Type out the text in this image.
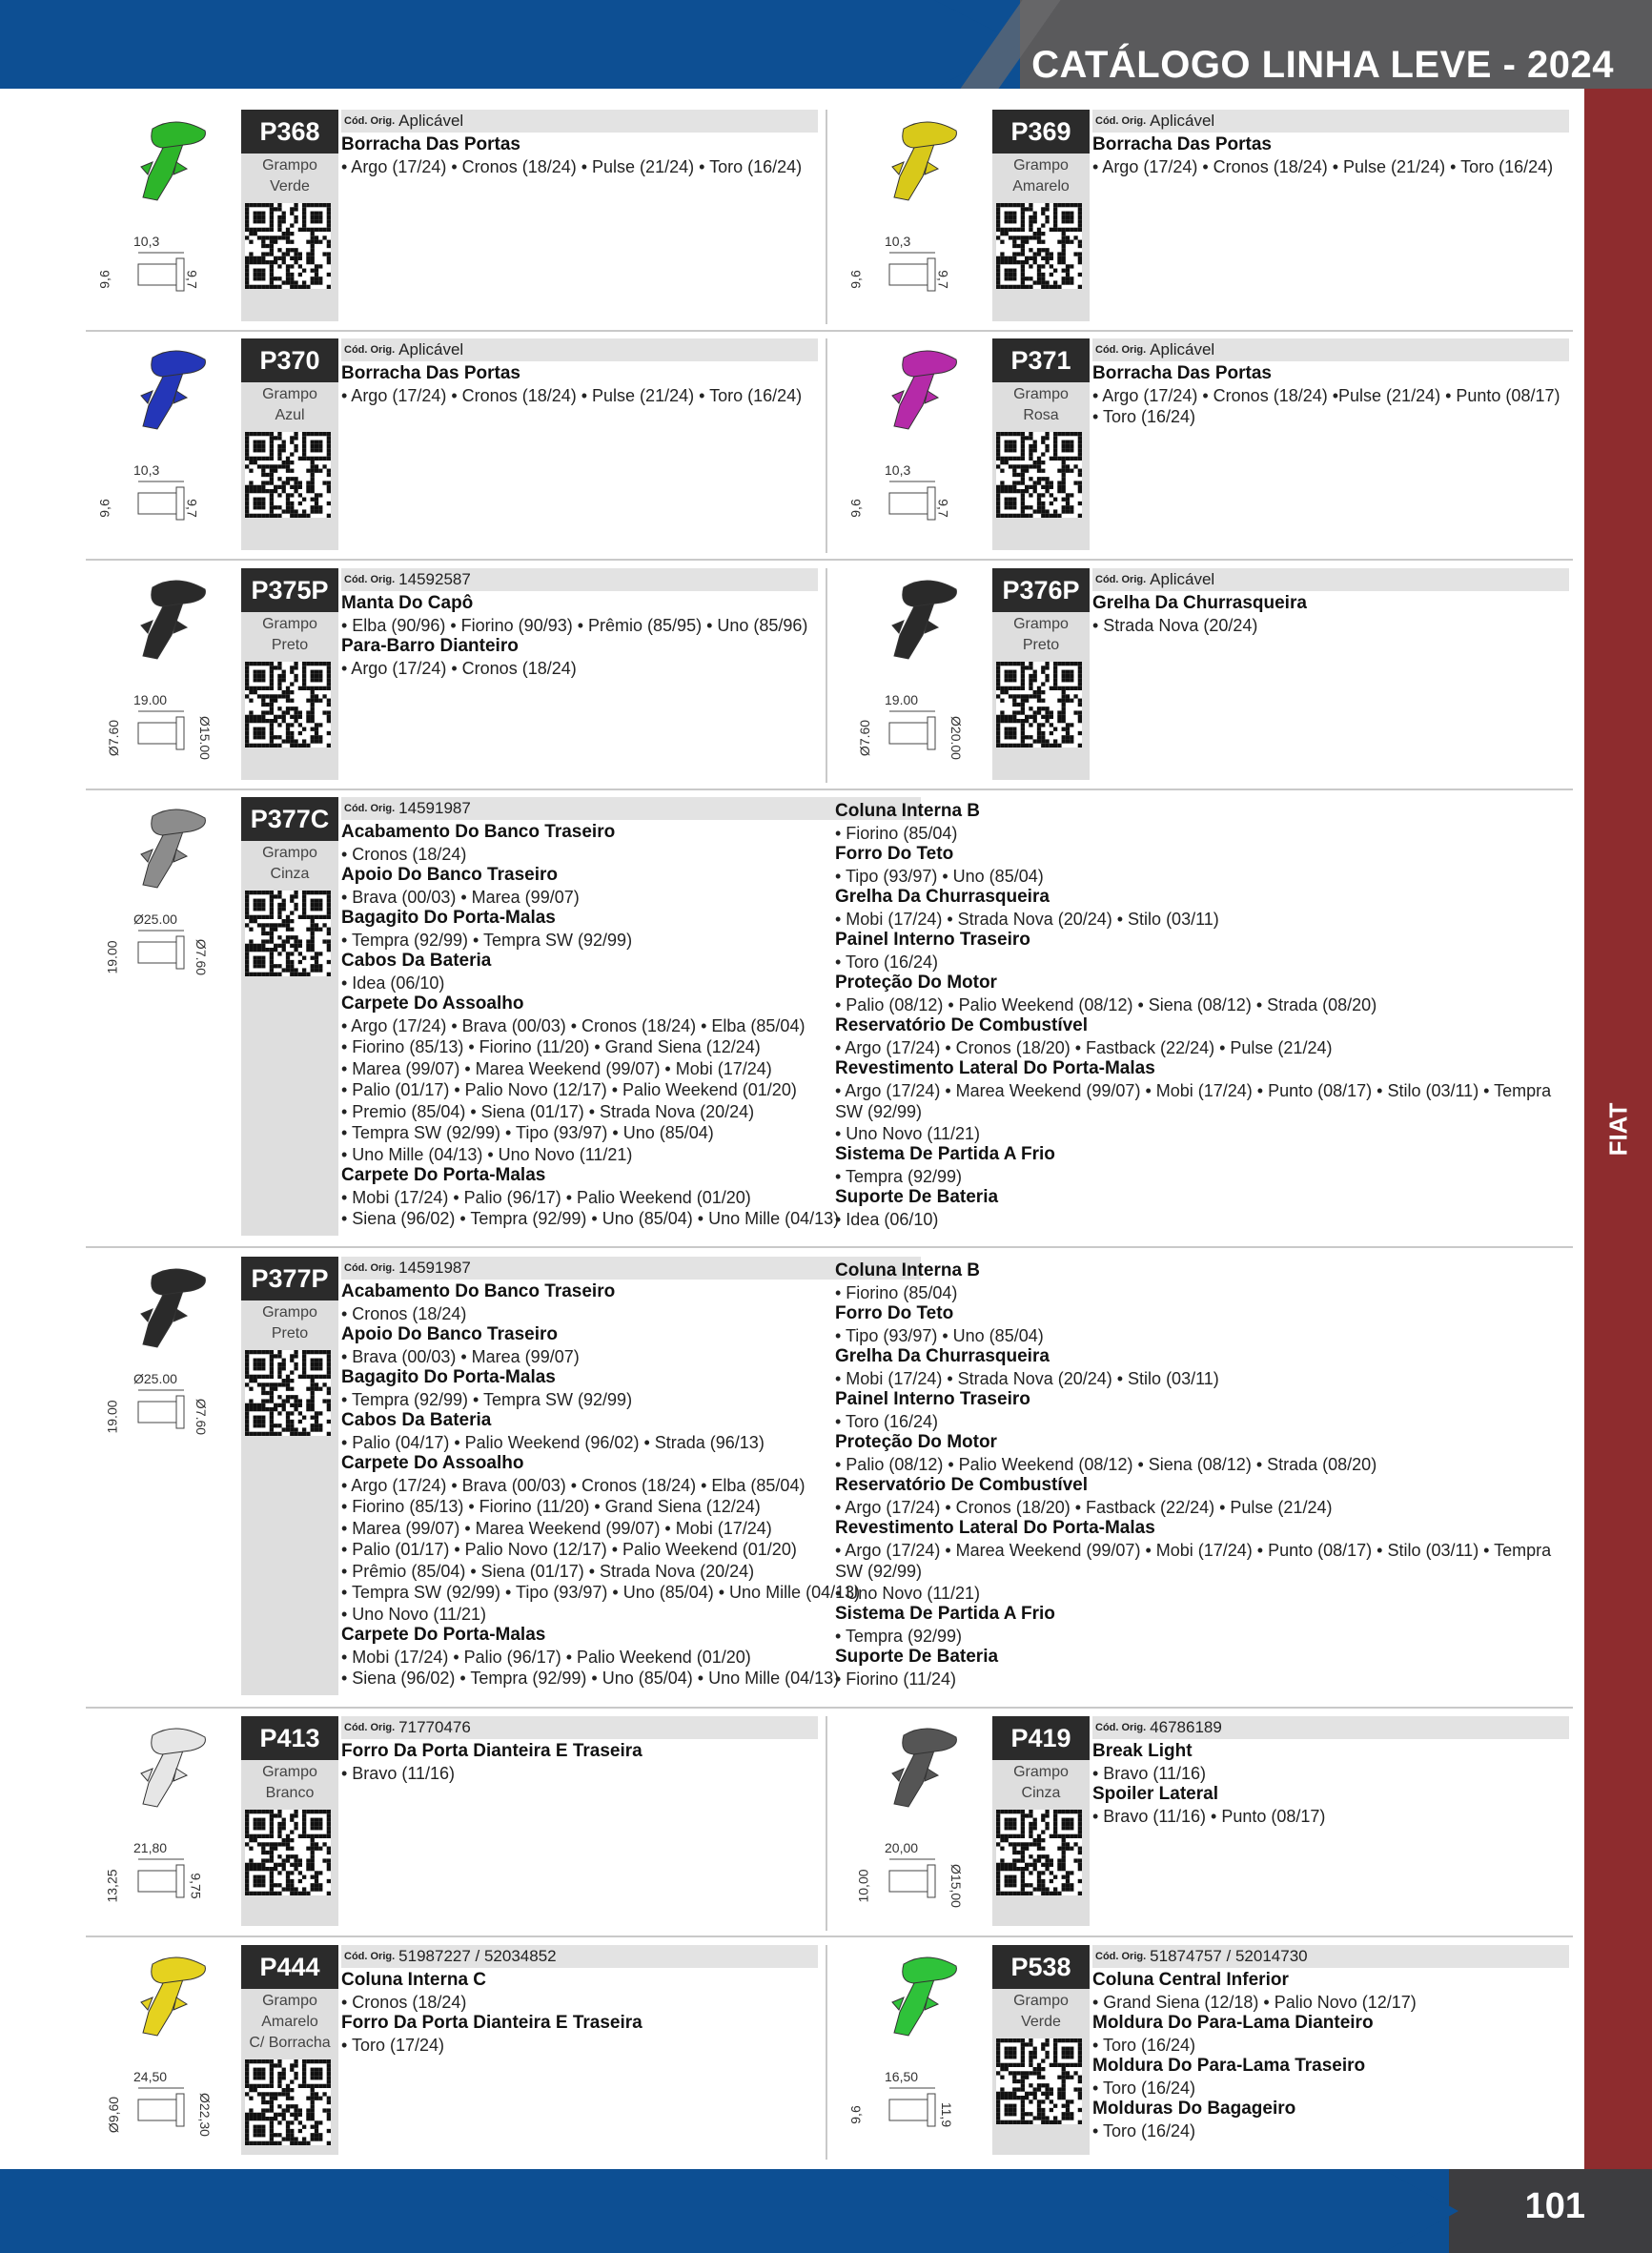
CATÁLOGO LINHA LEVE - 2024
FIAT
101
10,3
9,6	9,7
P368
Grampo
Verde
$^{Cód. Orig.}$ Aplicável
Borracha Das Portas
• Argo (17/24) • Cronos (18/24) • Pulse (21/24) • Toro (16/24)
10,3
9,6	9,7
P369
Grampo
Amarelo
$^{Cód. Orig.}$ Aplicável
Borracha Das Portas
• Argo (17/24) • Cronos (18/24) • Pulse (21/24) • Toro (16/24)
10,3
9,6	9,7
P370
Grampo
Azul
$^{Cód. Orig.}$ Aplicável
Borracha Das Portas
• Argo (17/24) • Cronos (18/24) • Pulse (21/24) • Toro (16/24)
10,3
9,6	9,7
P371
Grampo
Rosa
$^{Cód. Orig.}$ Aplicável
Borracha Das Portas
• Argo (17/24) • Cronos (18/24) •Pulse (21/24) • Punto (08/17)
• Toro (16/24)
19.00
Ø7.60	Ø15.00
P375P
Grampo
Preto
$^{Cód. Orig.}$ 14592587
Manta Do Capô
• Elba (90/96) • Fiorino (90/93) • Prêmio (85/95) • Uno (85/96)
Para-Barro Dianteiro
• Argo (17/24) • Cronos (18/24)
19.00
Ø7.60	Ø20.00
P376P
Grampo
Preto
$^{Cód. Orig.}$ Aplicável
Grelha Da Churrasqueira
• Strada Nova (20/24)
Ø25.00
19.00	Ø7.60
P377C
Grampo
Cinza
$^{Cód. Orig.}$ 14591987
Acabamento Do Banco Traseiro
• Cronos (18/24)
Apoio Do Banco Traseiro
• Brava (00/03) • Marea (99/07)
Bagagito Do Porta-Malas
• Tempra (92/99) • Tempra SW (92/99)
Cabos Da Bateria
• Idea (06/10)
Carpete Do Assoalho
• Argo (17/24) • Brava (00/03) • Cronos (18/24) • Elba (85/04)
• Fiorino (85/13) • Fiorino (11/20) • Grand Siena (12/24)
• Marea (99/07) • Marea Weekend (99/07) • Mobi (17/24)
• Palio (01/17) • Palio Novo (12/17) • Palio Weekend (01/20)
• Premio (85/04) • Siena (01/17) • Strada Nova (20/24)
• Tempra SW (92/99) • Tipo (93/97) • Uno (85/04)
• Uno Mille (04/13) • Uno Novo (11/21)
Carpete Do Porta-Malas
• Mobi (17/24) • Palio (96/17) • Palio Weekend (01/20)
• Siena (96/02) • Tempra (92/99) • Uno (85/04) • Uno Mille (04/13)
Coluna Interna B
• Fiorino (85/04)
Forro Do Teto
• Tipo (93/97) • Uno (85/04)
Grelha Da Churrasqueira
• Mobi (17/24) • Strada Nova (20/24) • Stilo (03/11)
Painel Interno Traseiro
• Toro (16/24)
Proteção Do Motor
• Palio (08/12) • Palio Weekend (08/12) • Siena (08/12) • Strada (08/20)
Reservatório De Combustível
• Argo (17/24) • Cronos (18/20) • Fastback (22/24) • Pulse (21/24)
Revestimento Lateral Do Porta-Malas
• Argo (17/24) • Marea Weekend (99/07) • Mobi (17/24) • Punto (08/17) • Stilo (03/11) • Tempra SW (92/99)
• Uno Novo (11/21)
Sistema De Partida A Frio
• Tempra (92/99)
Suporte De Bateria
• Idea (06/10)
Ø25.00
19.00	Ø7.60
P377P
Grampo
Preto
$^{Cód. Orig.}$ 14591987
Acabamento Do Banco Traseiro
• Cronos (18/24)
Apoio Do Banco Traseiro
• Brava (00/03) • Marea (99/07)
Bagagito Do Porta-Malas
• Tempra (92/99) • Tempra SW (92/99)
Cabos Da Bateria
• Palio (04/17) • Palio Weekend (96/02) • Strada (96/13)
Carpete Do Assoalho
• Argo (17/24) • Brava (00/03) • Cronos (18/24) • Elba (85/04)
• Fiorino (85/13) • Fiorino (11/20) • Grand Siena (12/24)
• Marea (99/07) • Marea Weekend (99/07) • Mobi (17/24)
• Palio (01/17) • Palio Novo (12/17) • Palio Weekend (01/20)
• Prêmio (85/04) • Siena (01/17) • Strada Nova (20/24)
• Tempra SW (92/99) • Tipo (93/97) • Uno (85/04) • Uno Mille (04/13)
• Uno Novo (11/21)
Carpete Do Porta-Malas
• Mobi (17/24) • Palio (96/17) • Palio Weekend (01/20)
• Siena (96/02) • Tempra (92/99) • Uno (85/04) • Uno Mille (04/13)
Coluna Interna B
• Fiorino (85/04)
Forro Do Teto
• Tipo (93/97) • Uno (85/04)
Grelha Da Churrasqueira
• Mobi (17/24) • Strada Nova (20/24) • Stilo (03/11)
Painel Interno Traseiro
• Toro (16/24)
Proteção Do Motor
• Palio (08/12) • Palio Weekend (08/12) • Siena (08/12) • Strada (08/20)
Reservatório De Combustível
• Argo (17/24) • Cronos (18/20) • Fastback (22/24) • Pulse (21/24)
Revestimento Lateral Do Porta-Malas
• Argo (17/24) • Marea Weekend (99/07) • Mobi (17/24) • Punto (08/17) • Stilo (03/11) • Tempra SW (92/99)
• Uno Novo (11/21)
Sistema De Partida A Frio
• Tempra (92/99)
Suporte De Bateria
• Fiorino (11/24)
21,80
13,25	9,75
P413
Grampo
Branco
$^{Cód. Orig.}$ 71770476
Forro Da Porta Dianteira E Traseira
• Bravo (11/16)
20,00
10,00	Ø15,00
P419
Grampo
Cinza
$^{Cód. Orig.}$ 46786189
Break Light
• Bravo (11/16)
Spoiler Lateral
• Bravo (11/16) • Punto (08/17)
24,50
Ø9,60	Ø22,30
P444
Grampo
Amarelo
C/ Borracha
$^{Cód. Orig.}$ 51987227 / 52034852
Coluna Interna C
• Cronos (18/24)
Forro Da Porta Dianteira E Traseira
• Toro (17/24)
16,50
9,6	11,9
P538
Grampo
Verde
$^{Cód. Orig.}$ 51874757 / 52014730
Coluna Central Inferior
• Grand Siena (12/18) • Palio Novo (12/17)
Moldura Do Para-Lama Dianteiro
• Toro (16/24)
Moldura Do Para-Lama Traseiro
• Toro (16/24)
Molduras Do Bagageiro
• Toro (16/24)
